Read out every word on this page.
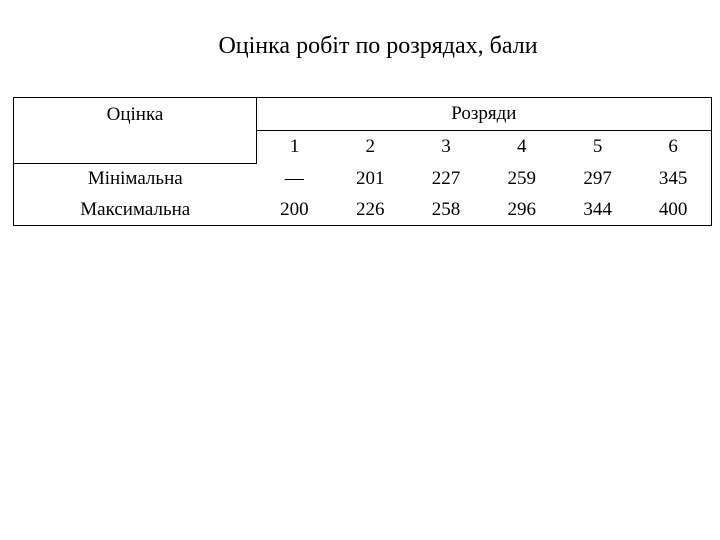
Оцінка робіт по розрядах, бали
Оцінка	Розряди					
	1	2	3	4	5	6
Мінімальна	—	201	227	259	297	345
Максимальна	200	226	258	296	344	400
